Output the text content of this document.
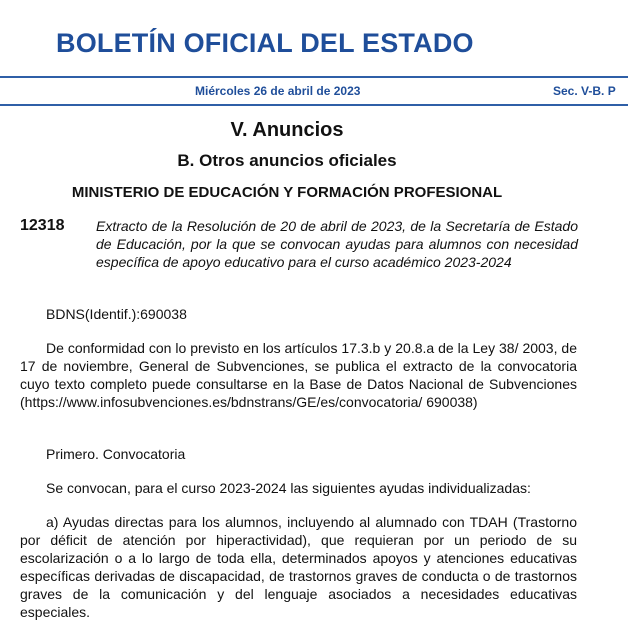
BOLETÍN OFICIAL DEL ESTADO
Miércoles 26 de abril de 2023	Sec. V-B. P
V. Anuncios
B. Otros anuncios oficiales
MINISTERIO DE EDUCACIÓN Y FORMACIÓN PROFESIONAL
12318 Extracto de la Resolución de 20 de abril de 2023, de la Secretaría de Estado de Educación, por la que se convocan ayudas para alumnos con necesidad específica de apoyo educativo para el curso académico 2023-2024
BDNS(Identif.):690038
De conformidad con lo previsto en los artículos 17.3.b y 20.8.a de la Ley 38/ 2003, de 17 de noviembre, General de Subvenciones, se publica el extracto de la convocatoria cuyo texto completo puede consultarse en la Base de Datos Nacional de Subvenciones (https://www.infosubvenciones.es/bdnstrans/GE/es/convocatoria/ 690038)
Primero. Convocatoria
Se convocan, para el curso 2023-2024 las siguientes ayudas individualizadas:
a) Ayudas directas para los alumnos, incluyendo al alumnado con TDAH (Trastorno por déficit de atención por hiperactividad), que requieran por un periodo de su escolarización o a lo largo de toda ella, determinados apoyos y atenciones educativas específicas derivadas de discapacidad, de trastornos graves de conducta o de trastornos graves de la comunicación y del lenguaje asociados a necesidades educativas especiales.
